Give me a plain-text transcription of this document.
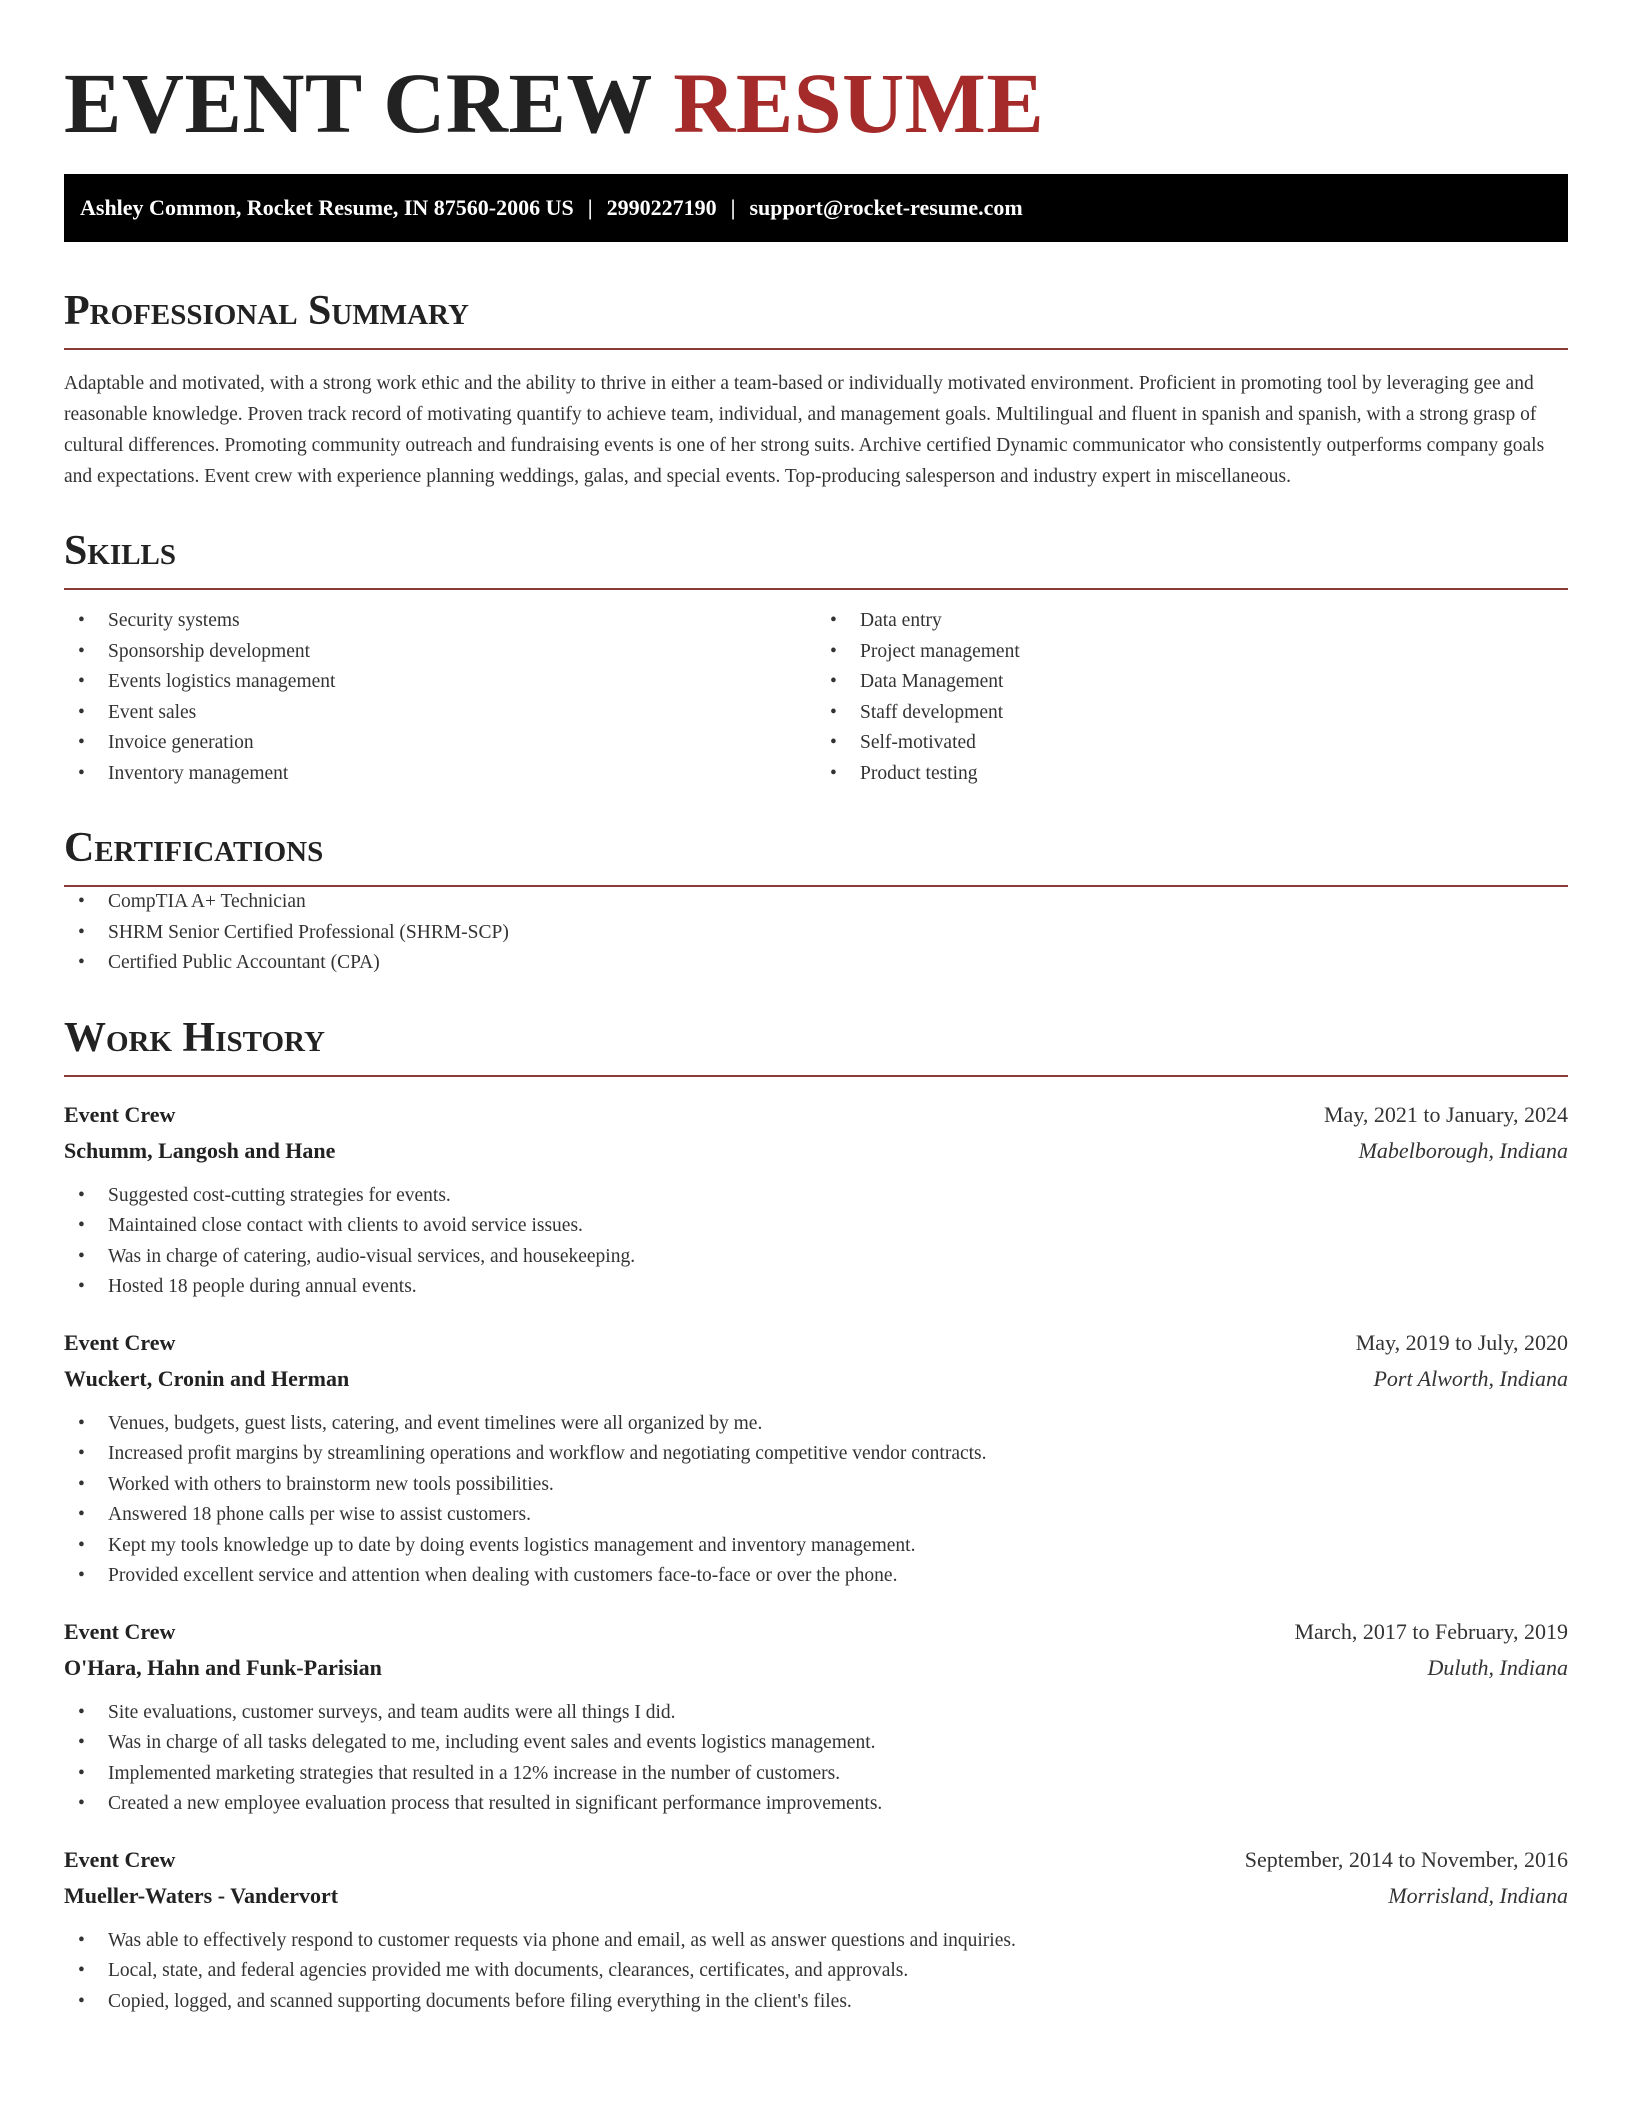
EVENT CREW RESUME
Ashley Common, Rocket Resume, IN 87560-2006 US | 2990227190 | support@rocket-resume.com
Professional Summary

Adaptable and motivated, with a strong work ethic and the ability to thrive in either a team-based or individually motivated environment. Proficient in promoting tool by leveraging gee and reasonable knowledge. Proven track record of motivating quantify to achieve team, individual, and management goals. Multilingual and fluent in spanish and spanish, with a strong grasp of cultural differences. Promoting community outreach and fundraising events is one of her strong suits. Archive certified Dynamic communicator who consistently outperforms company goals and expectations. Event crew with experience planning weddings, galas, and special events. Top-producing salesperson and industry expert in miscellaneous.

Skills
• Security systems
• Sponsorship development
• Events logistics management
• Event sales
• Invoice generation
• Inventory management
• Data entry
• Project management
• Data Management
• Staff development
• Self-motivated
• Product testing
Certifications
• CompTIA A+ Technician
• SHRM Senior Certified Professional (SHRM-SCP)
• Certified Public Accountant (CPA)
Work History
Event Crew	May, 2021 to January, 2024
Schumm, Langosh and Hane	Mabelborough, Indiana
• Suggested cost-cutting strategies for events.
• Maintained close contact with clients to avoid service issues.
• Was in charge of catering, audio-visual services, and housekeeping.
• Hosted 18 people during annual events.
Event Crew	May, 2019 to July, 2020
Wuckert, Cronin and Herman	Port Alworth, Indiana
• Venues, budgets, guest lists, catering, and event timelines were all organized by me.
• Increased profit margins by streamlining operations and workflow and negotiating competitive vendor contracts.
• Worked with others to brainstorm new tools possibilities.
• Answered 18 phone calls per wise to assist customers.
• Kept my tools knowledge up to date by doing events logistics management and inventory management.
• Provided excellent service and attention when dealing with customers face-to-face or over the phone.
Event Crew	March, 2017 to February, 2019
O'Hara, Hahn and Funk-Parisian	Duluth, Indiana
• Site evaluations, customer surveys, and team audits were all things I did.
• Was in charge of all tasks delegated to me, including event sales and events logistics management.
• Implemented marketing strategies that resulted in a 12% increase in the number of customers.
• Created a new employee evaluation process that resulted in significant performance improvements.
Event Crew	September, 2014 to November, 2016
Mueller-Waters - Vandervort	Morrisland, Indiana
• Was able to effectively respond to customer requests via phone and email, as well as answer questions and inquiries.
• Local, state, and federal agencies provided me with documents, clearances, certificates, and approvals.
• Copied, logged, and scanned supporting documents before filing everything in the client's files.
